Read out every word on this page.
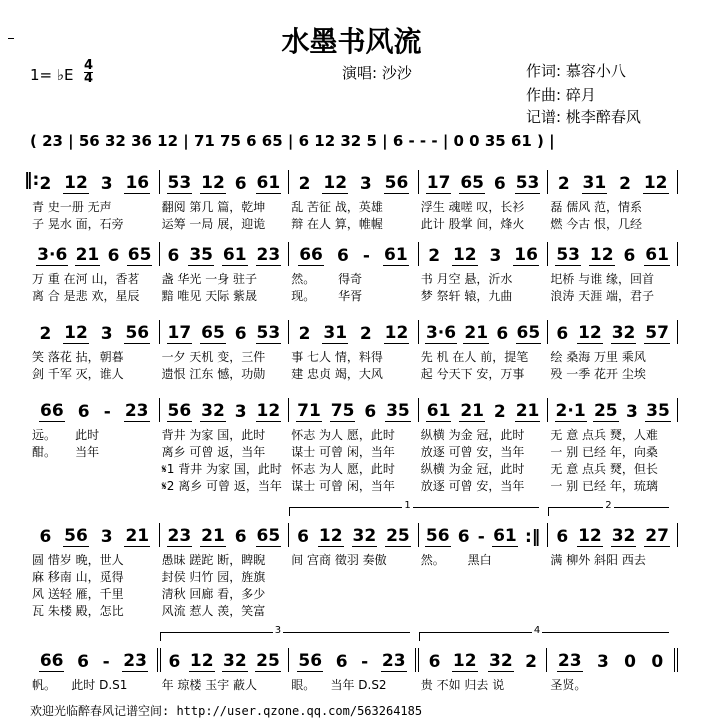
水墨书风流
1= ♭E $\frac{4}{4}$	演唱: 沙沙	作词: 慕容小八
作曲: 碎月
记谱: 桃李醉春风
( 23 | 56 32 36 12 | 71 75 6 65 | 6 12 32 5 | 6 - - - | 0 0 35 61 ) |
‖: 2 12 3 16 53 12 6 61 2 12 3 56 17 65 6 53 2 31 2 12
青 史一册 无声	翻阅 第几 篇，乾坤	乱 苦征 战，英雄	浮生 魂嗟 叹，长衫	磊 儒风 范，情系
子 晃水 面，石旁	运筹 一局 展，迎诡	辩 在人 算，帷幄	此计 股掌 间，烽火	燃 今古 恨，几经
3·6 21 6 65 6 35 61 23 66 6 - 61 2 12 3 16 53 12 6 61
万 重 在河 山，香茗	盏 华光 一身 驻子	然。      得奇	书 月空 悬，沂水	圯桥 与谁 缘，回首
离 合 是悲 欢，星辰	黯 唯见 天际 紫晟	现。      华胥	梦 祭轩 辕，九曲	浪涛 天涯 端，君子
2 12 3 56 17 65 6 53 2 31 2 12 3·6 21 6 65 6 12 32 57
笑 落花 拈，朝暮	一夕 天机 变，三件	事 七人 情，料得	先 机 在人 前，提笔	绘 桑海 万里 乘风
剑 千军 灭，谁人	遗恨 江东 憾，功勋	建 忠贞 竭，大风	起 兮天下 安，万事	殁 一季 花开 尘埃
66 6 - 23 56 32 3 12 71 75 6 35 61 21 2 21 2·1 25 3 35
远。     此时	背井 为家 国，此时	怀志 为人 愿，此时	纵横 为金 冠，此时	无 意 点兵 燹，人难
酣。     当年	离乡 可曾 返，当年	谋士 可曾 闲，当年	放逐 可曾 安，当年	一 别 已经 年，向桑
𝄋1 背井 为家 国，此时 怀志 为人 愿，此时	纵横 为金 冠，此时	无 意 点兵 燹，但长
𝄋2 离乡 可曾 返，当年 谋士 可曾 闲，当年	放逐 可曾 安，当年	一 别 已经 年，琉璃
1	2
6 56 3 21 23 21 6 65 6 12 32 25 56 6 - 61 :‖ 6 12 32 27
圆 惜岁 晚，世人	愚昧 蹉跎 断，睥睨	间 宫商 徵羽 奏傲	然。      黑白	满 柳外 斜阳 西去
麻 移南 山，觅得	封侯 归竹 园，旌旗
风 送轻 雁，千里	清秋 回廊 看，多少
瓦 朱楼 殿，怎比	风流 惹人 羡，笑富
3	4
66 6 - 23 6 12 32 25 56 6 - 23 6 12 32 2 23 3 0 0
帆。    此时 D.S1	年 琼楼 玉宇 蔽人	眼。    当年 D.S2	贵 不如 归去 说	圣贤。
欢迎光临醉春风记谱空间: http://user.qzone.qq.com/563264185
